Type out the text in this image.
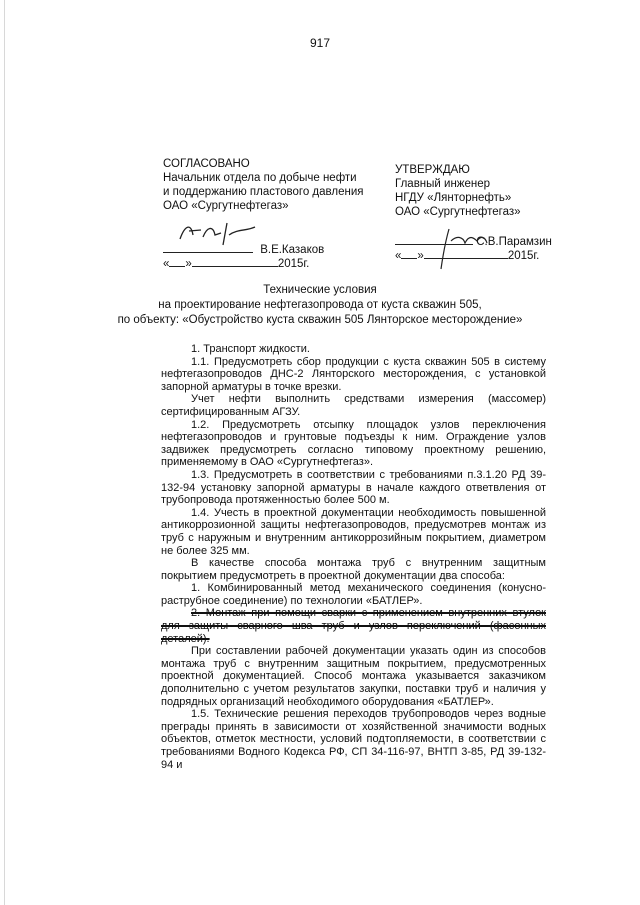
917
СОГЛАСОВАНО
Начальник отдела по добыче нефти
и поддержанию пластового давления
ОАО «Сургутнефтегаз»
В.Е.Казаков
« »	2015г.
УТВЕРЖДАЮ
Главный инженер
НГДУ «Лянторнефть»
ОАО «Сургутнефтегаз»
С.В.Парамзин
« »	2015г.
Технические условия
на проектирование нефтегазопровода от куста скважин 505,
по объекту: «Обустройство куста скважин 505 Лянторское месторождение»

1. Транспорт жидкости.

1.1. Предусмотреть сбор продукции с куста скважин 505 в систему нефтегазопроводов ДНС-2 Лянторского месторождения, с установкой запорной арматуры в точке врезки.

Учет нефти выполнить средствами измерения (массомер) сертифицированным АГЗУ.

1.2. Предусмотреть отсыпку площадок узлов переключения нефтегазопроводов и грунтовые подъезды к ним. Ограждение узлов задвижек предусмотреть согласно типовому проектному решению, применяемому в ОАО «Сургутнефтегаз».

1.3. Предусмотреть в соответствии с требованиями п.3.1.20 РД 39-132-94 установку запорной арматуры в начале каждого ответвления от трубопровода протяженностью более 500 м.

1.4. Учесть в проектной документации необходимость повышенной антикоррозионной защиты нефтегазопроводов, предусмотрев монтаж из труб с наружным и внутренним антикоррозийным покрытием, диаметром не более 325 мм.

В качестве способа монтажа труб с внутренним защитным покрытием предусмотреть в проектной документации два способа:

1. Комбинированный метод механического соединения (конусно-раструбное соединение) по технологии «БАТЛЕР».

2. Монтаж при помощи сварки с применением внутренних втулок для защиты сварного шва труб и узлов переключений (фасонных деталей).

При составлении рабочей документации указать один из способов монтажа труб с внутренним защитным покрытием, предусмотренных проектной документацией. Способ монтажа указывается заказчиком дополнительно с учетом результатов закупки, поставки труб и наличия у подрядных организаций необходимого оборудования «БАТЛЕР».

1.5. Технические решения переходов трубопроводов через водные преграды принять в зависимости от хозяйственной значимости водных объектов, отметок местности, условий подтопляемости, в соответствии с требованиями Водного Кодекса РФ, СП 34-116-97, ВНТП 3-85, РД 39-132-94 и
